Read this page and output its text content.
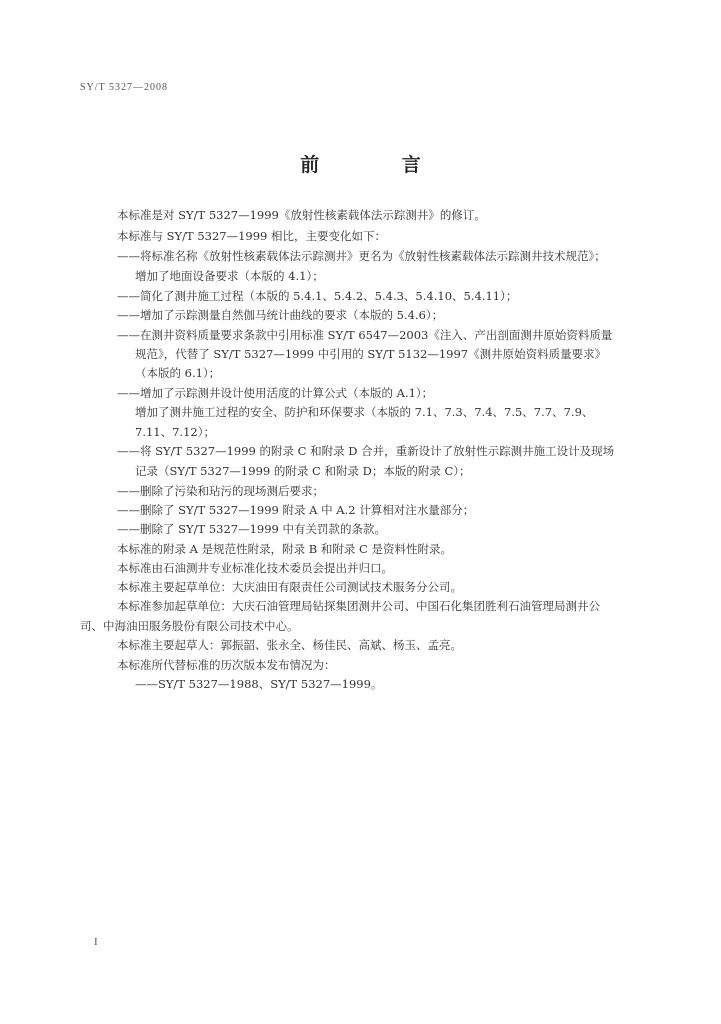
SY/T 5327—2008
前 言
本标准是对 SY/T 5327—1999《放射性核素载体法示踪测井》的修订。
本标准与 SY/T 5327—1999 相比，主要变化如下：
——将标准名称《放射性核素载体法示踪测井》更名为《放射性核素载体法示踪测井技术规范》；
增加了地面设备要求（本版的 4.1）；
——简化了测井施工过程（本版的 5.4.1、5.4.2、5.4.3、5.4.10、5.4.11）；
——增加了示踪测量自然伽马统计曲线的要求（本版的 5.4.6）；
——在测井资料质量要求条款中引用标准 SY/T 6547—2003《注入、产出剖面测井原始资料质量
规范》，代替了 SY/T 5327—1999 中引用的 SY/T 5132—1997《测井原始资料质量要求》
（本版的 6.1）；
——增加了示踪测井设计使用活度的计算公式（本版的 A.1）；
增加了测井施工过程的安全、防护和环保要求（本版的 7.1、7.3、7.4、7.5、7.7、7.9、
7.11、7.12）；
——将 SY/T 5327—1999 的附录 C 和附录 D 合并，重新设计了放射性示踪测井施工设计及现场
记录（SY/T 5327—1999 的附录 C 和附录 D；本版的附录 C）；
——删除了污染和玷污的现场测后要求；
——删除了 SY/T 5327—1999 附录 A 中 A.2 计算相对注水量部分；
——删除了 SY/T 5327—1999 中有关罚款的条款。
本标准的附录 A 是规范性附录，附录 B 和附录 C 是资料性附录。
本标准由石油测井专业标准化技术委员会提出并归口。
本标准主要起草单位：大庆油田有限责任公司测试技术服务分公司。
本标准参加起草单位：大庆石油管理局钻探集团测井公司、中国石化集团胜利石油管理局测井公
司、中海油田服务股份有限公司技术中心。
本标准主要起草人：郭振韶、张永全、杨佳民、高斌、杨玉、孟亮。
本标准所代替标准的历次版本发布情况为：
——SY/T 5327—1988、SY/T 5327—1999。
I
